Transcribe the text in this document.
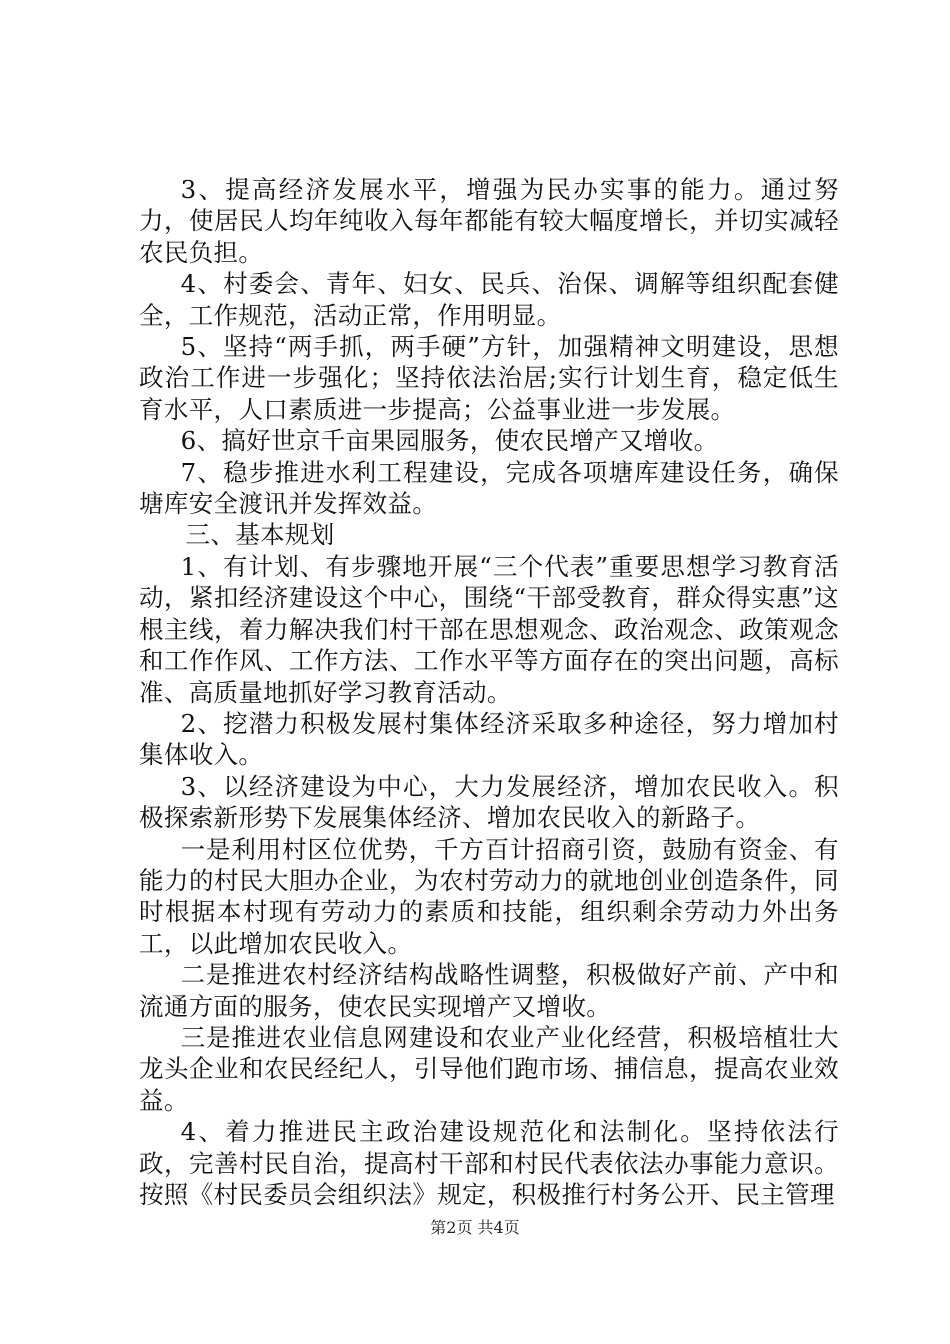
3、提高经济发展水平，增强为民办实事的能力。通过努力，使居民人均年纯收入每年都能有较大幅度增长，并切实减轻农民负担。

4、村委会、青年、妇女、民兵、治保、调解等组织配套健全，工作规范，活动正常，作用明显。

5、坚持“两手抓，两手硬”方针，加强精神文明建设，思想政治工作进一步强化；坚持依法治居;实行计划生育，稳定低生育水平，人口素质进一步提高；公益事业进一步发展。

6、搞好世京千亩果园服务，使农民增产又增收。

7、稳步推进水利工程建设，完成各项塘库建设任务，确保塘库安全渡讯并发挥效益。

三、基本规划

1、有计划、有步骤地开展“三个代表”重要思想学习教育活动，紧扣经济建设这个中心，围绕“干部受教育，群众得实惠”这根主线，着力解决我们村干部在思想观念、政治观念、政策观念和工作作风、工作方法、工作水平等方面存在的突出问题，高标准、高质量地抓好学习教育活动。

2、挖潜力积极发展村集体经济采取多种途径，努力增加村集体收入。

3、以经济建设为中心，大力发展经济，增加农民收入。积极探索新形势下发展集体经济、增加农民收入的新路子。

一是利用村区位优势，千方百计招商引资，鼓励有资金、有能力的村民大胆办企业，为农村劳动力的就地创业创造条件，同时根据本村现有劳动力的素质和技能，组织剩余劳动力外出务工，以此增加农民收入。

二是推进农村经济结构战略性调整，积极做好产前、产中和流通方面的服务，使农民实现增产又增收。

三是推进农业信息网建设和农业产业化经营，积极培植壮大龙头企业和农民经纪人，引导他们跑市场、捕信息，提高农业效益。

4、着力推进民主政治建设规范化和法制化。坚持依法行政，完善村民自治，提高村干部和村民代表依法办事能力意识。按照《村民委员会组织法》规定，积极推行村务公开、民主管理

第2页 共4页
